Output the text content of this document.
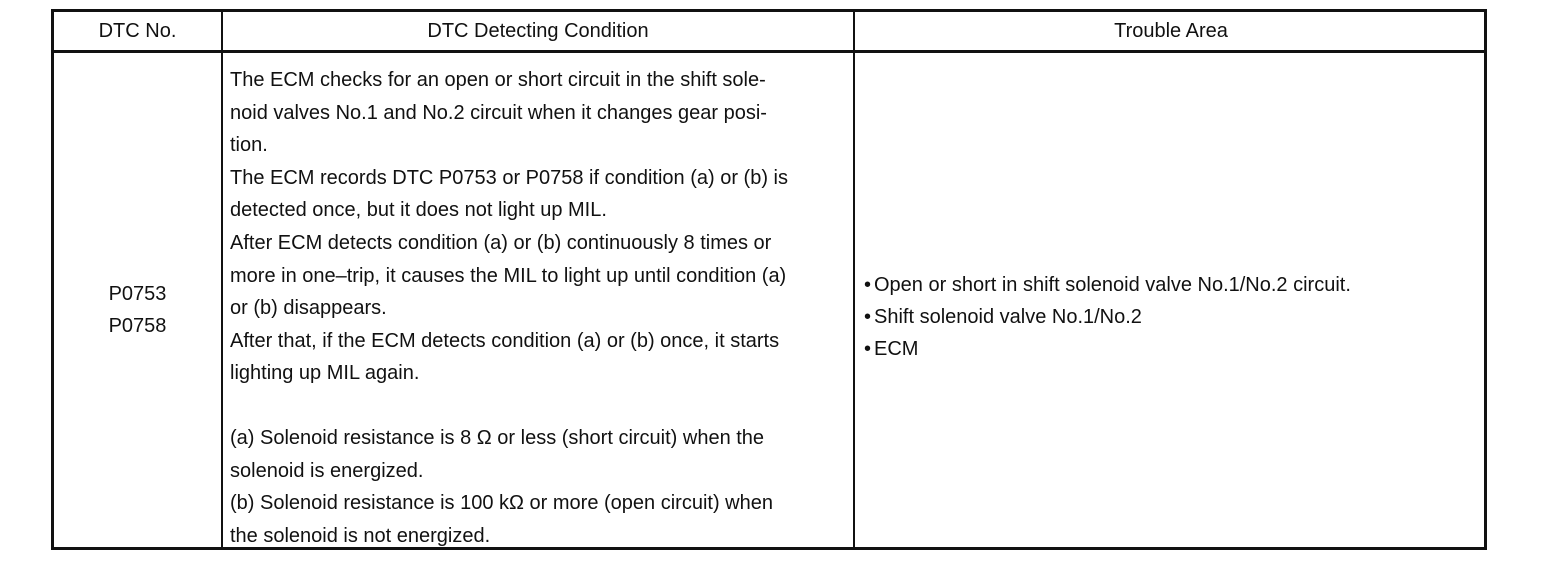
DTC No.	DTC Detecting Condition	Trouble Area
P0753
P0758

The ECM checks for an open or short circuit in the shift sole-

noid valves No.1 and No.2 circuit when it changes gear posi-

tion.

The ECM records DTC P0753 or P0758 if condition (a) or (b) is

detected once, but it does not light up MIL.

After ECM detects condition (a) or (b) continuously 8 times or

more in one–trip, it causes the MIL to light up until condition (a)

or (b) disappears.

After that, if the ECM detects condition (a) or (b) once, it starts

lighting up MIL again.

(a) Solenoid resistance is 8 Ω or less (short circuit) when the

solenoid is energized.

(b) Solenoid resistance is 100 kΩ or more (open circuit) when

the solenoid is not energized.

• Open or short in shift solenoid valve No.1/No.2 circuit.
• Shift solenoid valve No.1/No.2
• ECM
